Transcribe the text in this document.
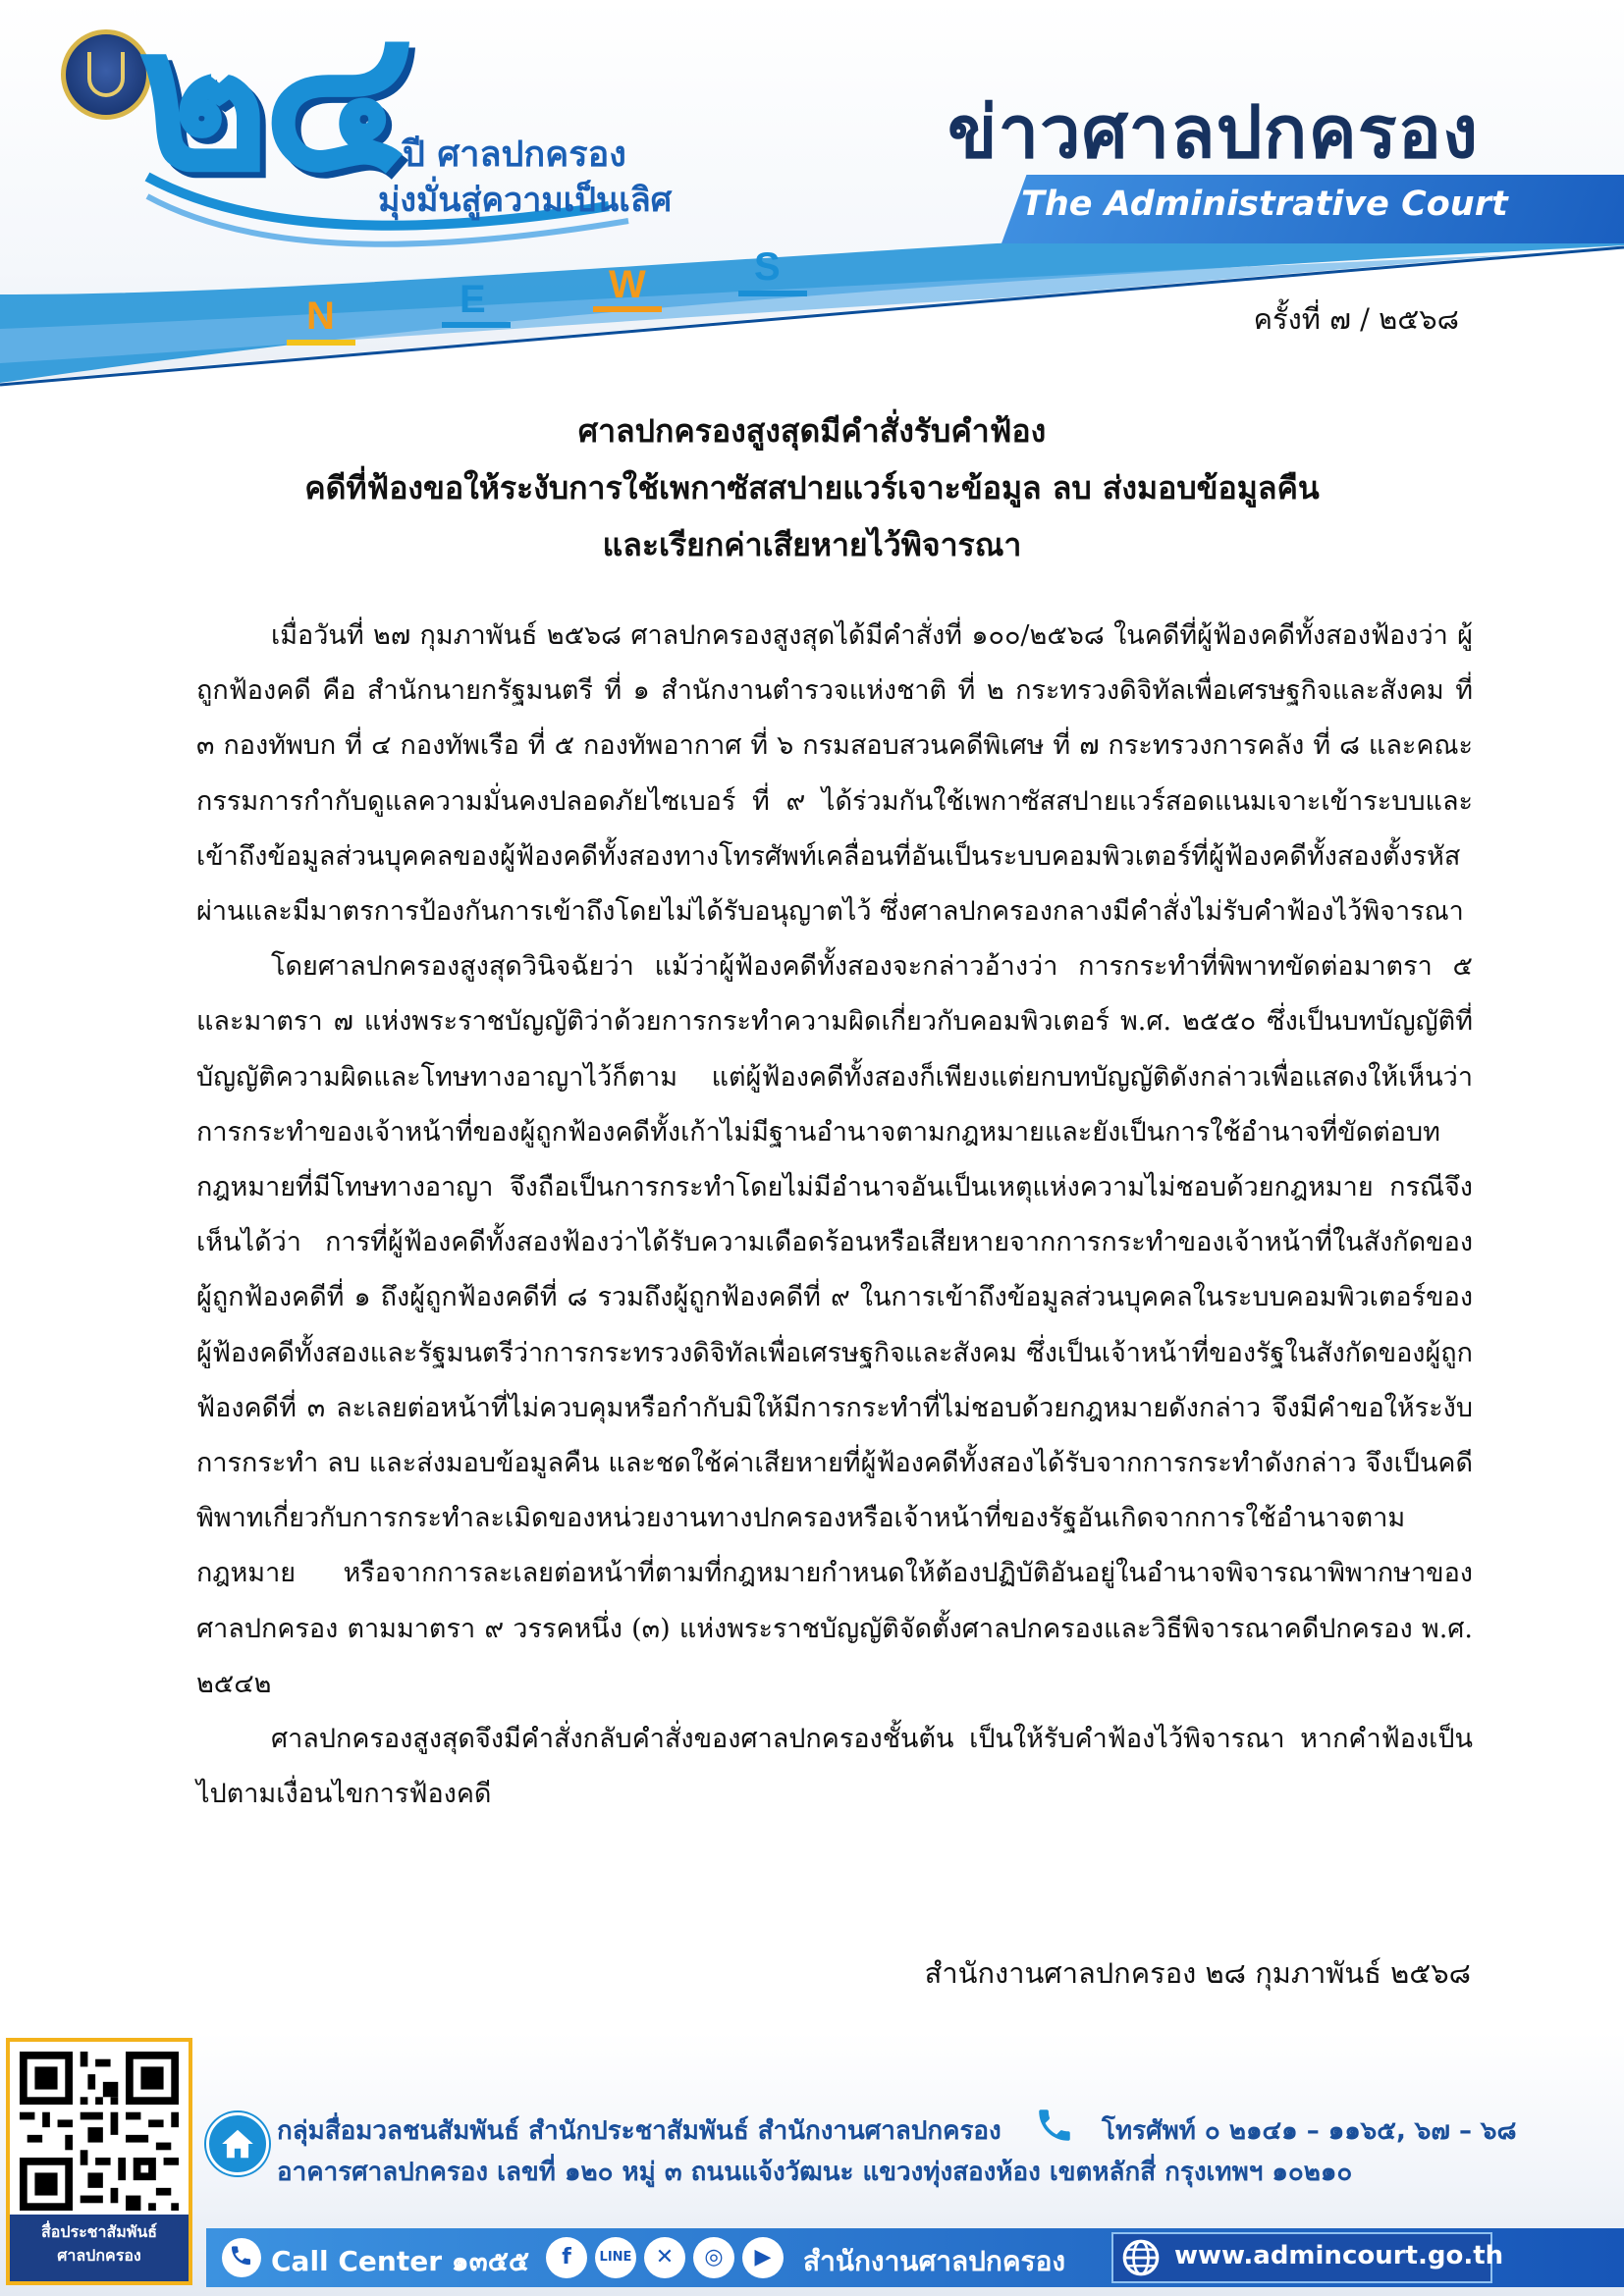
๒๔
ปี ศาลปกครอง
มุ่งมั่นสู่ความเป็นเลิศ
N	E	W	S
ข่าวศาลปกครอง
The Administrative Court
ครั้งที่ ๗ / ๒๕๖๘
ศาลปกครองสูงสุดมีคำสั่งรับคำฟ้อง
คดีที่ฟ้องขอให้ระงับการใช้เพกาซัสสปายแวร์เจาะข้อมูล ลบ ส่งมอบข้อมูลคืน
และเรียกค่าเสียหายไว้พิจารณา

เมื่อวันที่ ๒๗ กุมภาพันธ์ ๒๕๖๘ ศาลปกครองสูงสุดได้มีคำสั่งที่ ๑๐๐/๒๕๖๘ ในคดีที่ผู้ฟ้องคดีทั้งสองฟ้องว่า ผู้ถูกฟ้องคดี คือ สำนักนายกรัฐมนตรี ที่ ๑ สำนักงานตำรวจแห่งชาติ ที่ ๒ กระทรวงดิจิทัลเพื่อเศรษฐกิจและสังคม ที่ ๓ กองทัพบก ที่ ๔ กองทัพเรือ ที่ ๕ กองทัพอากาศ ที่ ๖ กรมสอบสวนคดีพิเศษ ที่ ๗ กระทรวงการคลัง ที่ ๘ และคณะกรรมการกำกับดูแลความมั่นคงปลอดภัยไซเบอร์ ที่ ๙ ได้ร่วมกันใช้เพกาซัสสปายแวร์สอดแนมเจาะเข้าระบบและเข้าถึงข้อมูลส่วนบุคคลของผู้ฟ้องคดีทั้งสองทางโทรศัพท์เคลื่อนที่อันเป็นระบบคอมพิวเตอร์ที่ผู้ฟ้องคดีทั้งสองตั้งรหัสผ่านและมีมาตรการป้องกันการเข้าถึงโดยไม่ได้รับอนุญาตไว้ ซึ่งศาลปกครองกลางมีคำสั่งไม่รับคำฟ้องไว้พิจารณา

โดยศาลปกครองสูงสุดวินิจฉัยว่า แม้ว่าผู้ฟ้องคดีทั้งสองจะกล่าวอ้างว่า การกระทำที่พิพาทขัดต่อมาตรา ๕ และมาตรา ๗ แห่งพระราชบัญญัติว่าด้วยการกระทำความผิดเกี่ยวกับคอมพิวเตอร์ พ.ศ. ๒๕๕๐ ซึ่งเป็นบทบัญญัติที่บัญญัติความผิดและโทษทางอาญาไว้ก็ตาม แต่ผู้ฟ้องคดีทั้งสองก็เพียงแต่ยกบทบัญญัติดังกล่าวเพื่อแสดงให้เห็นว่า การกระทำของเจ้าหน้าที่ของผู้ถูกฟ้องคดีทั้งเก้าไม่มีฐานอำนาจตามกฎหมายและยังเป็นการใช้อำนาจที่ขัดต่อบทกฎหมายที่มีโทษทางอาญา จึงถือเป็นการกระทำโดยไม่มีอำนาจอันเป็นเหตุแห่งความไม่ชอบด้วยกฎหมาย กรณีจึงเห็นได้ว่า การที่ผู้ฟ้องคดีทั้งสองฟ้องว่าได้รับความเดือดร้อนหรือเสียหายจากการกระทำของเจ้าหน้าที่ในสังกัดของผู้ถูกฟ้องคดีที่ ๑ ถึงผู้ถูกฟ้องคดีที่ ๘ รวมถึงผู้ถูกฟ้องคดีที่ ๙ ในการเข้าถึงข้อมูลส่วนบุคคลในระบบคอมพิวเตอร์ของผู้ฟ้องคดีทั้งสองและรัฐมนตรีว่าการกระทรวงดิจิทัลเพื่อเศรษฐกิจและสังคม ซึ่งเป็นเจ้าหน้าที่ของรัฐในสังกัดของผู้ถูกฟ้องคดีที่ ๓ ละเลยต่อหน้าที่ไม่ควบคุมหรือกำกับมิให้มีการกระทำที่ไม่ชอบด้วยกฎหมายดังกล่าว จึงมีคำขอให้ระงับการกระทำ ลบ และส่งมอบข้อมูลคืน และชดใช้ค่าเสียหายที่ผู้ฟ้องคดีทั้งสองได้รับจากการกระทำดังกล่าว จึงเป็นคดีพิพาทเกี่ยวกับการกระทำละเมิดของหน่วยงานทางปกครองหรือเจ้าหน้าที่ของรัฐอันเกิดจากการใช้อำนาจตามกฎหมาย หรือจากการละเลยต่อหน้าที่ตามที่กฎหมายกำหนดให้ต้องปฏิบัติอันอยู่ในอำนาจพิจารณาพิพากษาของศาลปกครอง ตามมาตรา ๙ วรรคหนึ่ง (๓) แห่งพระราชบัญญัติจัดตั้งศาลปกครองและวิธีพิจารณาคดีปกครอง พ.ศ. ๒๕๔๒

ศาลปกครองสูงสุดจึงมีคำสั่งกลับคำสั่งของศาลปกครองชั้นต้น เป็นให้รับคำฟ้องไว้พิจารณา หากคำฟ้องเป็นไปตามเงื่อนไขการฟ้องคดี

สำนักงานศาลปกครอง ๒๘ กุมภาพันธ์ ๒๕๖๘
สื่อประชาสัมพันธ์
ศาลปกครอง
กลุ่มสื่อมวลชนสัมพันธ์ สำนักประชาสัมพันธ์ สำนักงานศาลปกครอง	โทรศัพท์ ๐ ๒๑๔๑ – ๑๑๖๕, ๖๗ – ๖๘
อาคารศาลปกครอง เลขที่ ๑๒๐ หมู่ ๓ ถนนแจ้งวัฒนะ แขวงทุ่งสองห้อง เขตหลักสี่ กรุงเทพฯ ๑๐๒๑๐
Call Center ๑๓๕๕	f	LINE	✕	◎	▶	สำนักงานศาลปกครอง	www.admincourt.go.th
